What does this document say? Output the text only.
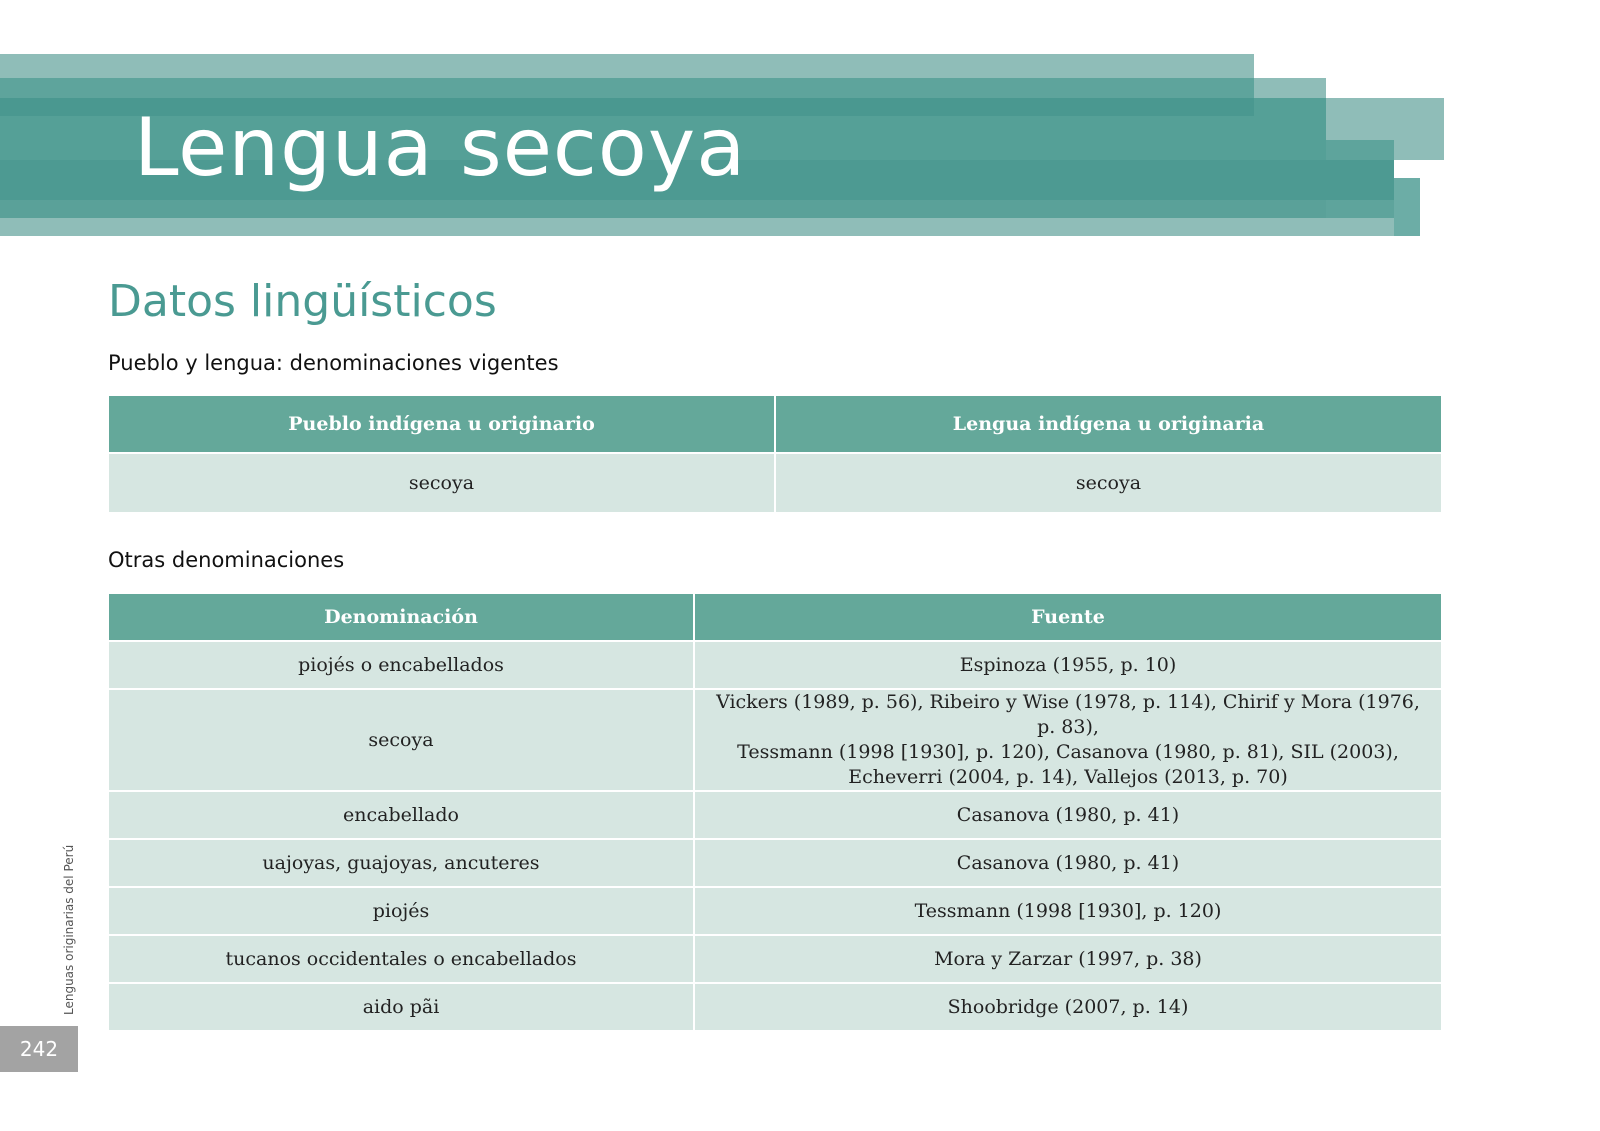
Lengua secoya
Datos lingüísticos
Pueblo y lengua: denominaciones vigentes
Pueblo indígena u originario	Lengua indígena u originaria
secoya	secoya
Otras denominaciones
Denominación	Fuente
piojés o encabellados	Espinoza (1955, p. 10)
secoya	Vickers (1989, p. 56), Ribeiro y Wise (1978, p. 114), Chirif y Mora (1976, p. 83),
Tessmann (1998 [1930], p. 120), Casanova (1980, p. 81), SIL (2003),
Echeverri (2004, p. 14), Vallejos (2013, p. 70)

encabellado	Casanova (1980, p. 41)
uajoyas, guajoyas, ancuteres	Casanova (1980, p. 41)
piojés	Tessmann (1998 [1930], p. 120)
tucanos occidentales o encabellados	Mora y Zarzar (1997, p. 38)
aido pãi	Shoobridge (2007, p. 14)
Lenguas originarias del Perú
242
